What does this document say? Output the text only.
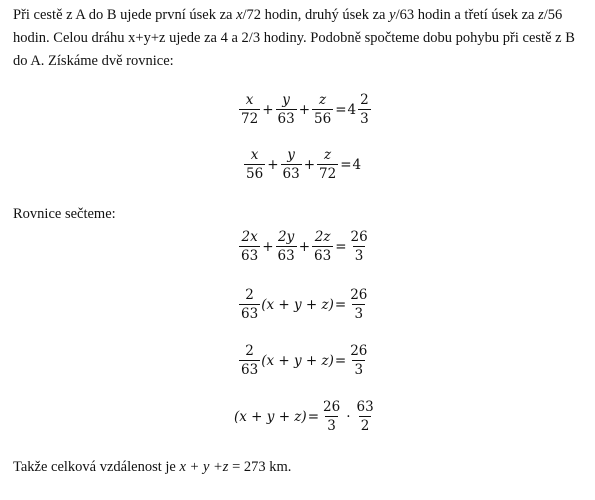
Při cestě z A do B ujede první úsek za x/72 hodin, druhý úsek za y/63 hodin a třetí úsek za z/56 hodin. Celou dráhu x+y+z ujede za 4 a 2/3 hodiny. Podobně spočteme dobu pohybu při cestě z B do A. Získáme dvě rovnice:

$\frac{x}{72} + \frac{y}{63} + \frac{z}{56} = 4 \frac{2}{3}$
$\frac{x}{56} + \frac{y}{63} + \frac{z}{72} = 4$

Rovnice sečteme:

$\frac{2x}{63} + \frac{2y}{63} + \frac{2z}{63} = \frac{26}{3}$
$\frac{2}{63} (x + y + z) = \frac{26}{3}$
$\frac{2}{63} (x + y + z) = \frac{26}{3}$
$(x + y + z) = \frac{26}{3} \cdot \frac{63}{2}$

Takže celková vzdálenost je x + y +z = 273 km.
